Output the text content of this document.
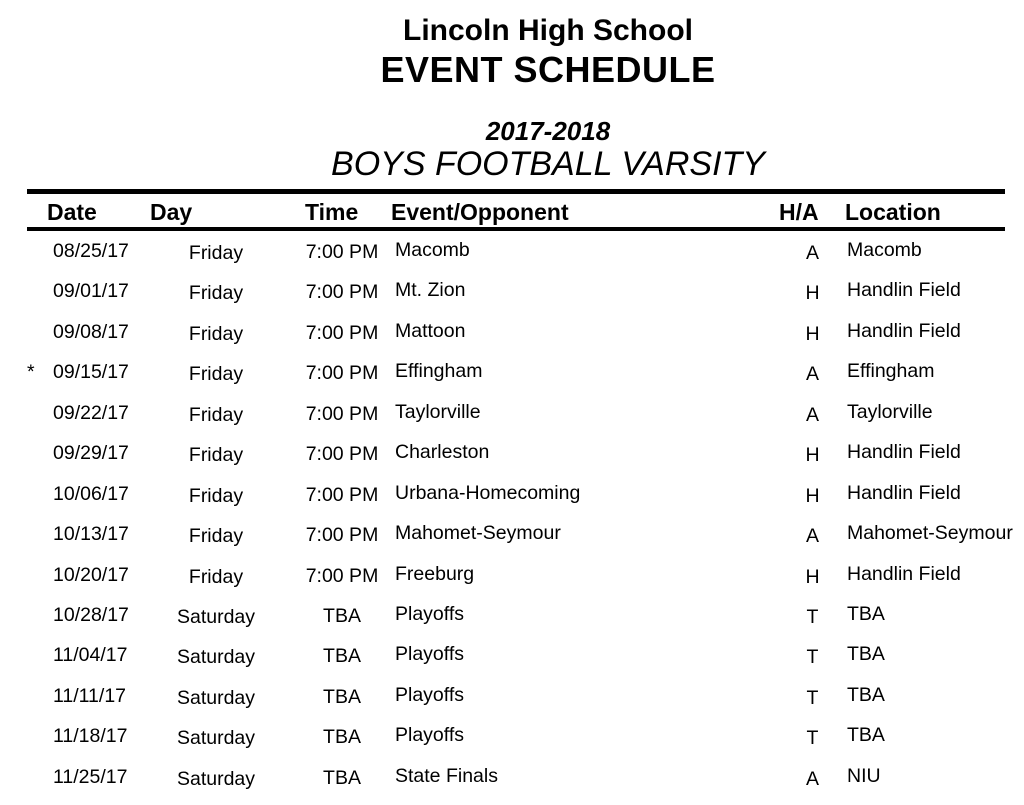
Lincoln High School
EVENT SCHEDULE
2017-2018
BOYS FOOTBALL VARSITY
Date Day	Time Event/Opponent	H/A Location
08/25/17	Friday	7:00 PM Macomb	A	Macomb
09/01/17	Friday	7:00 PM Mt. Zion	H	Handlin Field
09/08/17	Friday	7:00 PM Mattoon	H	Handlin Field
* 09/15/17	Friday	7:00 PM Effingham	A	Effingham
09/22/17	Friday	7:00 PM Taylorville	A	Taylorville
09/29/17	Friday	7:00 PM Charleston	H	Handlin Field
10/06/17	Friday	7:00 PM Urbana-Homecoming	H	Handlin Field
10/13/17	Friday	7:00 PM Mahomet-Seymour	A	Mahomet-Seymour
10/20/17	Friday	7:00 PM Freeburg	H	Handlin Field
10/28/17	Saturday	TBA	Playoffs	T	TBA
11/04/17	Saturday	TBA	Playoffs	T	TBA
11/11/17	Saturday	TBA	Playoffs	T	TBA
11/18/17	Saturday	TBA	Playoffs	T	TBA
11/25/17	Saturday	TBA	State Finals	A	NIU
